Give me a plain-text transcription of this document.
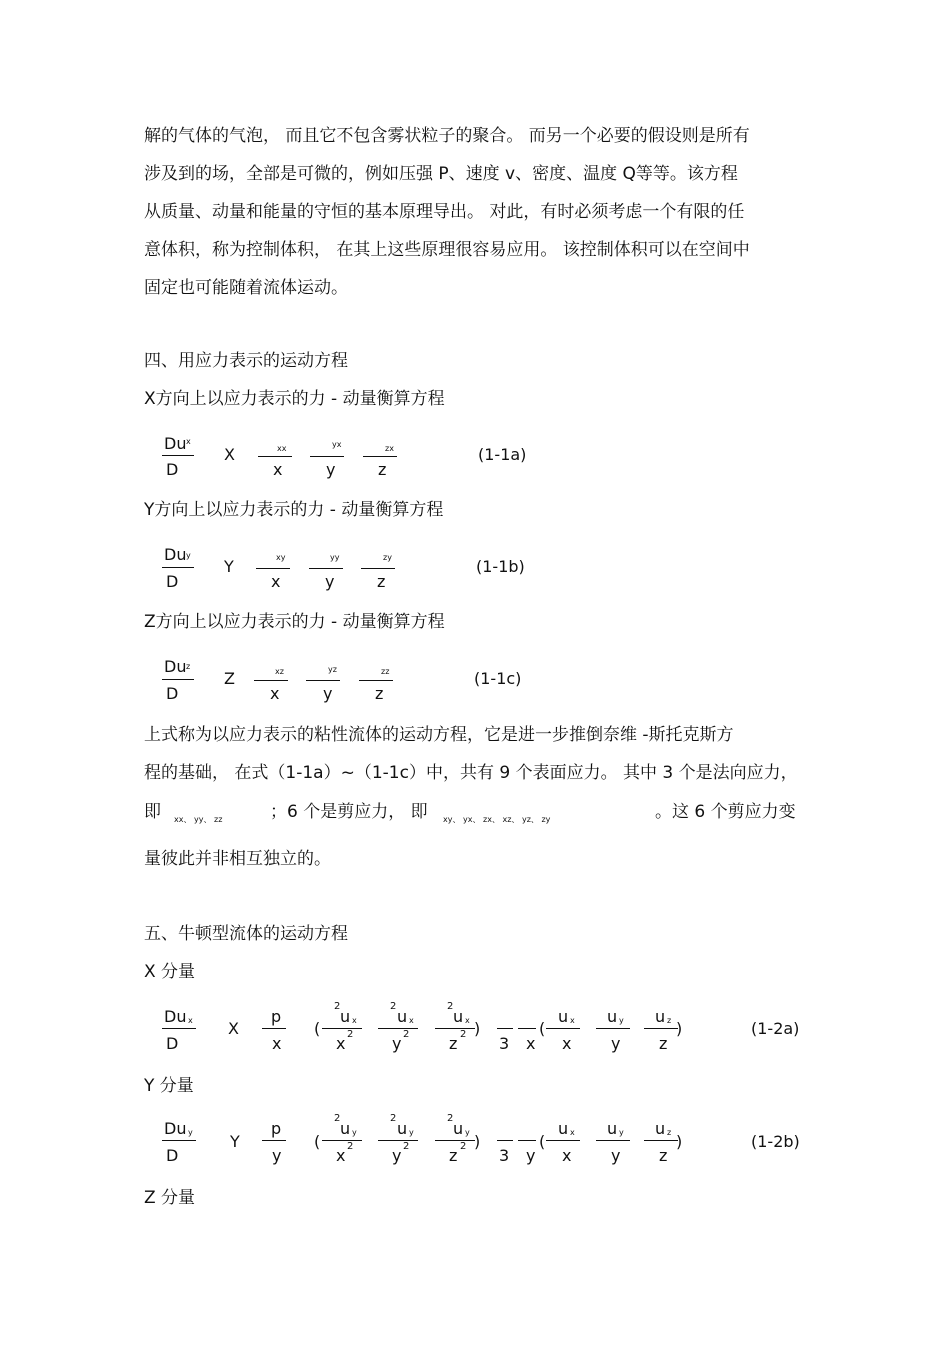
解的气体的气泡， 而且它不包含雾状粒子的聚合。 而另一个必要的假设则是所有
涉及到的场，全部是可微的，例如压强 P、速度 v、密度、温度 Q等等。该方程
从质量、动量和能量的守恒的基本原理导出。 对此，有时必须考虑一个有限的任
意体积，称为控制体积， 在其上这些原理很容易应用。 该控制体积可以在空间中
固定也可能随着流体运动。
四、用应力表示的运动方程
X方向上以应力表示的力 - 动量衡算方程
Du x
D
X	xx
x
yx
y
zx
z
(1-1a)
Y方向上以应力表示的力 - 动量衡算方程
Du y
D
Y	xy
x
yy
y
zy
z
(1-1b)
Z方向上以应力表示的力 - 动量衡算方程
Du z
D
Z	xz
x
yz
y
zz
z
(1-1c)
上式称为以应力表示的粘性流体的运动方程，它是进一步推倒奈维 -斯托克斯方
程的基础， 在式（1-1a）~（1-1c）中，共有 9 个表面应力。 其中 3 个是法向应力，
即 xx、 yy、 zz	；6 个是剪应力， 即 xy、 yx、 zx、 xz、 yz、 zy	。这 6 个剪应力变
量彼此并非相互独立的。
五、牛顿型流体的运动方程
X 分量
Du x
D
X
p
x
(
2
u x
x 2
2
u x
y 2
2
u x
z 2 )
3 x
(
u x
x
u y
y
u z
z
)	(1-2a)
Y 分量
Du y
D
Y
p
y
(
2
u y
x 2
2
u y
y 2
2
u y
z 2 )
3 y
(
u x
x
u y
y
u z
z
)	(1-2b)
Z 分量
